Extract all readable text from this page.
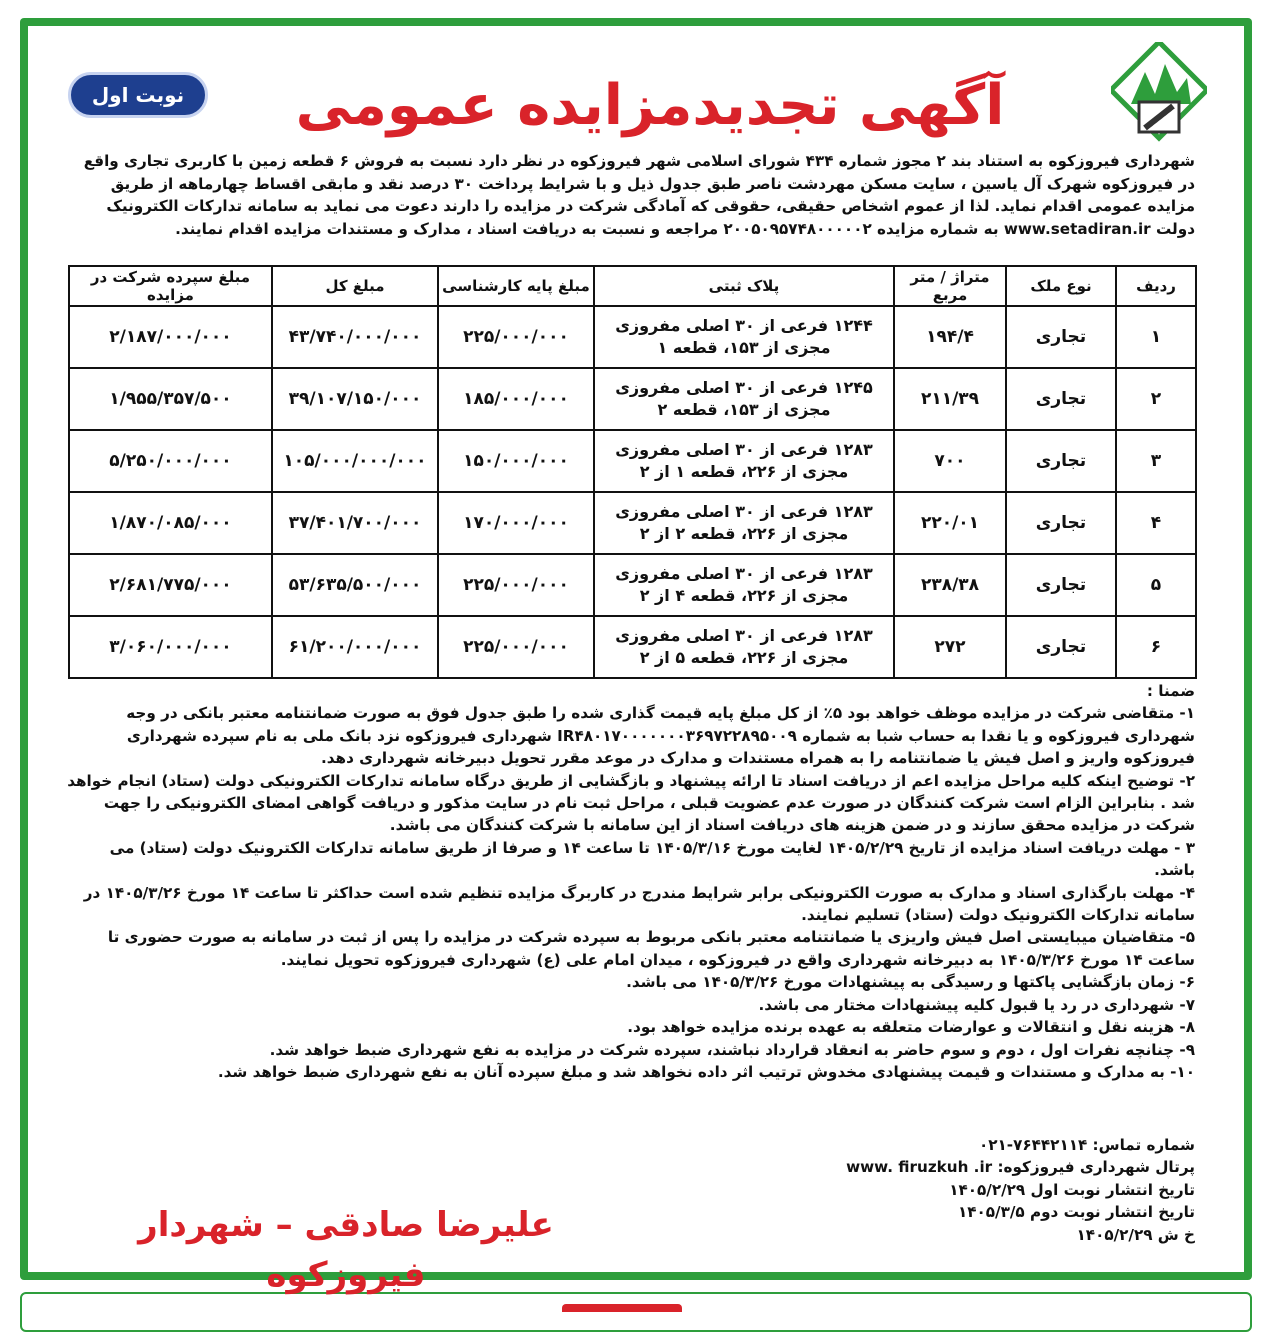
آگهی تجدیدمزایده عمومی
نوبت اول
شهرداری فیروزکوه به استناد بند ۲ مجوز شماره ۴۳۴ شورای اسلامی شهر فیروزکوه در نظر دارد نسبت به فروش ۶ قطعه زمین با کاربری تجاری واقع در فیروزکوه شهرک آل یاسین ، سایت مسکن مهردشت ناصر طبق جدول ذیل و با شرایط پرداخت ۳۰ درصد نقد و مابقی اقساط چهارماهه از طریق مزایده عمومی اقدام نماید. لذا از عموم اشخاص حقیقی، حقوقی که آمادگی شرکت در مزایده را دارند دعوت می نماید به سامانه تدارکات الکترونیک دولت www.setadiran.ir به شماره مزایده ۲۰۰۵۰۹۵۷۴۸۰۰۰۰۰۲ مراجعه و نسبت به دریافت اسناد ، مدارک و مستندات مزایده اقدام نمایند.
ردیف	نوع ملک	متراژ / متر مربع	پلاک ثبتی	مبلغ پایه کارشناسی	مبلغ کل	مبلغ سپرده شرکت در مزایده
۱	تجاری	۱۹۴/۴	۱۲۴۴ فرعی از ۳۰ اصلی مفروزی مجزی از ۱۵۳، قطعه ۱	۲۲۵/۰۰۰/۰۰۰	۴۳/۷۴۰/۰۰۰/۰۰۰	۲/۱۸۷/۰۰۰/۰۰۰
۲	تجاری	۲۱۱/۳۹	۱۲۴۵ فرعی از ۳۰ اصلی مفروزی مجزی از ۱۵۳، قطعه ۲	۱۸۵/۰۰۰/۰۰۰	۳۹/۱۰۷/۱۵۰/۰۰۰	۱/۹۵۵/۳۵۷/۵۰۰
۳	تجاری	۷۰۰	۱۲۸۳ فرعی از ۳۰ اصلی مفروزی مجزی از ۲۲۶، قطعه ۱ از ۲	۱۵۰/۰۰۰/۰۰۰	۱۰۵/۰۰۰/۰۰۰/۰۰۰	۵/۲۵۰/۰۰۰/۰۰۰
۴	تجاری	۲۲۰/۰۱	۱۲۸۳ فرعی از ۳۰ اصلی مفروزی مجزی از ۲۲۶، قطعه ۲ از ۲	۱۷۰/۰۰۰/۰۰۰	۳۷/۴۰۱/۷۰۰/۰۰۰	۱/۸۷۰/۰۸۵/۰۰۰
۵	تجاری	۲۳۸/۳۸	۱۲۸۳ فرعی از ۳۰ اصلی مفروزی مجزی از ۲۲۶، قطعه ۴ از ۲	۲۲۵/۰۰۰/۰۰۰	۵۳/۶۳۵/۵۰۰/۰۰۰	۲/۶۸۱/۷۷۵/۰۰۰
۶	تجاری	۲۷۲	۱۲۸۳ فرعی از ۳۰ اصلی مفروزی مجزی از ۲۲۶، قطعه ۵ از ۲	۲۲۵/۰۰۰/۰۰۰	۶۱/۲۰۰/۰۰۰/۰۰۰	۳/۰۶۰/۰۰۰/۰۰۰

ضمنا :

۱- متقاضی شرکت در مزایده موظف خواهد بود ۵٪ از کل مبلغ پایه قیمت گذاری شده را طبق جدول فوق به صورت ضمانتنامه معتبر بانکی در وجه شهرداری فیروزکوه و یا نقدا به حساب شبا به شماره IR۴۸۰۱۷۰۰۰۰۰۰۰۳۶۹۷۲۲۸۹۵۰۰۹ شهرداری فیروزکوه نزد بانک ملی به نام سپرده شهرداری فیروزکوه واریز و اصل فیش یا ضمانتنامه را به همراه مستندات و مدارک در موعد مقرر تحویل دبیرخانه شهرداری دهد.

۲- توضیح اینکه کلیه مراحل مزایده اعم از دریافت اسناد تا ارائه پیشنهاد و بازگشایی از طریق درگاه سامانه تدارکات الکترونیکی دولت (ستاد) انجام خواهد شد . بنابراین الزام است شرکت کنندگان در صورت عدم عضویت قبلی ، مراحل ثبت نام در سایت مذکور و دریافت گواهی امضای الکترونیکی را جهت شرکت در مزایده محقق سازند و در ضمن هزینه های دریافت اسناد از این سامانه با شرکت کنندگان می باشد.

۳ - مهلت دریافت اسناد مزایده از تاریخ ۱۴۰۵/۲/۲۹ لغایت مورخ ۱۴۰۵/۳/۱۶ تا ساعت ۱۴ و صرفا از طریق سامانه تدارکات الکترونیک دولت (ستاد) می باشد.

۴- مهلت بارگذاری اسناد و مدارک به صورت الکترونیکی برابر شرایط مندرج در کاربرگ مزایده تنظیم شده است حداکثر تا ساعت ۱۴ مورخ ۱۴۰۵/۳/۲۶ در سامانه تدارکات الکترونیک دولت (ستاد) تسلیم نمایند.

۵- متقاضیان میبایستی اصل فیش واریزی یا ضمانتنامه معتبر بانکی مربوط به سپرده شرکت در مزایده را پس از ثبت در سامانه به صورت حضوری تا ساعت ۱۴ مورخ ۱۴۰۵/۳/۲۶ به دبیرخانه شهرداری واقع در فیروزکوه ، میدان امام علی (ع) شهرداری فیروزکوه تحویل نمایند.

۶- زمان بازگشایی پاکتها و رسیدگی به پیشنهادات مورخ ۱۴۰۵/۳/۲۶ می باشد.

۷- شهرداری در رد یا قبول کلیه پیشنهادات مختار می باشد.

۸- هزینه نقل و انتقالات و عوارضات متعلقه به عهده برنده مزایده خواهد بود.

۹- چنانچه نفرات اول ، دوم و سوم حاضر به انعقاد قرارداد نباشند، سپرده شرکت در مزایده به نفع شهرداری ضبط خواهد شد.

۱۰- به مدارک و مستندات و قیمت پیشنهادی مخدوش ترتیب اثر داده نخواهد شد و مبلغ سپرده آنان به نفع شهرداری ضبط خواهد شد.

شماره تماس: ۷۶۴۴۲۱۱۴-۰۲۱

پرتال شهرداری فیروزکوه: www. firuzkuh .ir

تاریخ انتشار نوبت اول ۱۴۰۵/۲/۲۹

تاریخ انتشار نوبت دوم ۱۴۰۵/۳/۵

خ ش ۱۴۰۵/۲/۲۹

علیرضا صادقی – شهردار فیروزکوه
